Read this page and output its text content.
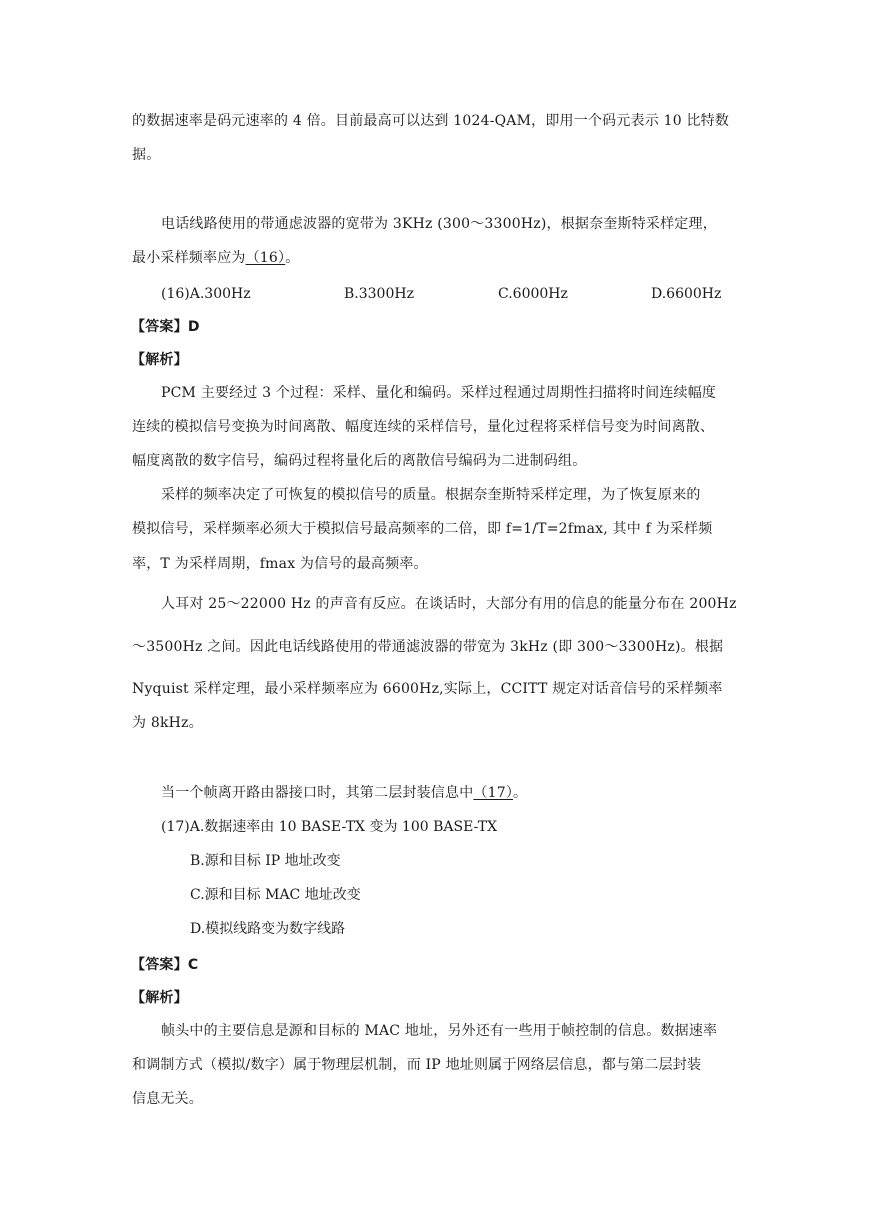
的数据速率是码元速率的 4 倍。目前最高可以达到 1024-QAM，即用一个码元表示 10 比特数
据。
电话线路使用的带通虑波器的宽带为 3KHz (300～3300Hz)，根据奈奎斯特采样定理，
最小采样频率应为（16）。
(16)A.300Hz	B.3300Hz	C.6000Hz	D.6600Hz
【答案】D
【解析】
PCM 主要经过 3 个过程：采样、量化和编码。采样过程通过周期性扫描将时间连续幅度
连续的模拟信号变换为时间离散、幅度连续的采样信号，量化过程将采样信号变为时间离散、
幅度离散的数字信号，编码过程将量化后的离散信号编码为二进制码组。
采样的频率决定了可恢复的模拟信号的质量。根据奈奎斯特采样定理，为了恢复原来的
模拟信号，采样频率必须大于模拟信号最高频率的二倍，即 f=1/T=2fmax, 其中 f 为采样频
率，T 为采样周期，fmax 为信号的最高频率。
人耳对 25～22000 Hz 的声音有反应。在谈话时，大部分有用的信息的能量分布在 200Hz
～3500Hz 之间。因此电话线路使用的带通滤波器的带宽为 3kHz (即 300～3300Hz)。根据
Nyquist 采样定理，最小采样频率应为 6600Hz,实际上，CCITT 规定对话音信号的采样频率
为 8kHz。
当一个帧离开路由器接口时，其第二层封装信息中（17）。
(17)A.数据速率由 10 BASE-TX 变为 100 BASE-TX
B.源和目标 IP 地址改变
C.源和目标 MAC 地址改变
D.模拟线路变为数字线路
【答案】C
【解析】
帧头中的主要信息是源和目标的 MAC 地址，另外还有一些用于帧控制的信息。数据速率
和调制方式（模拟/数字）属于物理层机制，而 IP 地址则属于网络层信息，都与第二层封装
信息无关。
